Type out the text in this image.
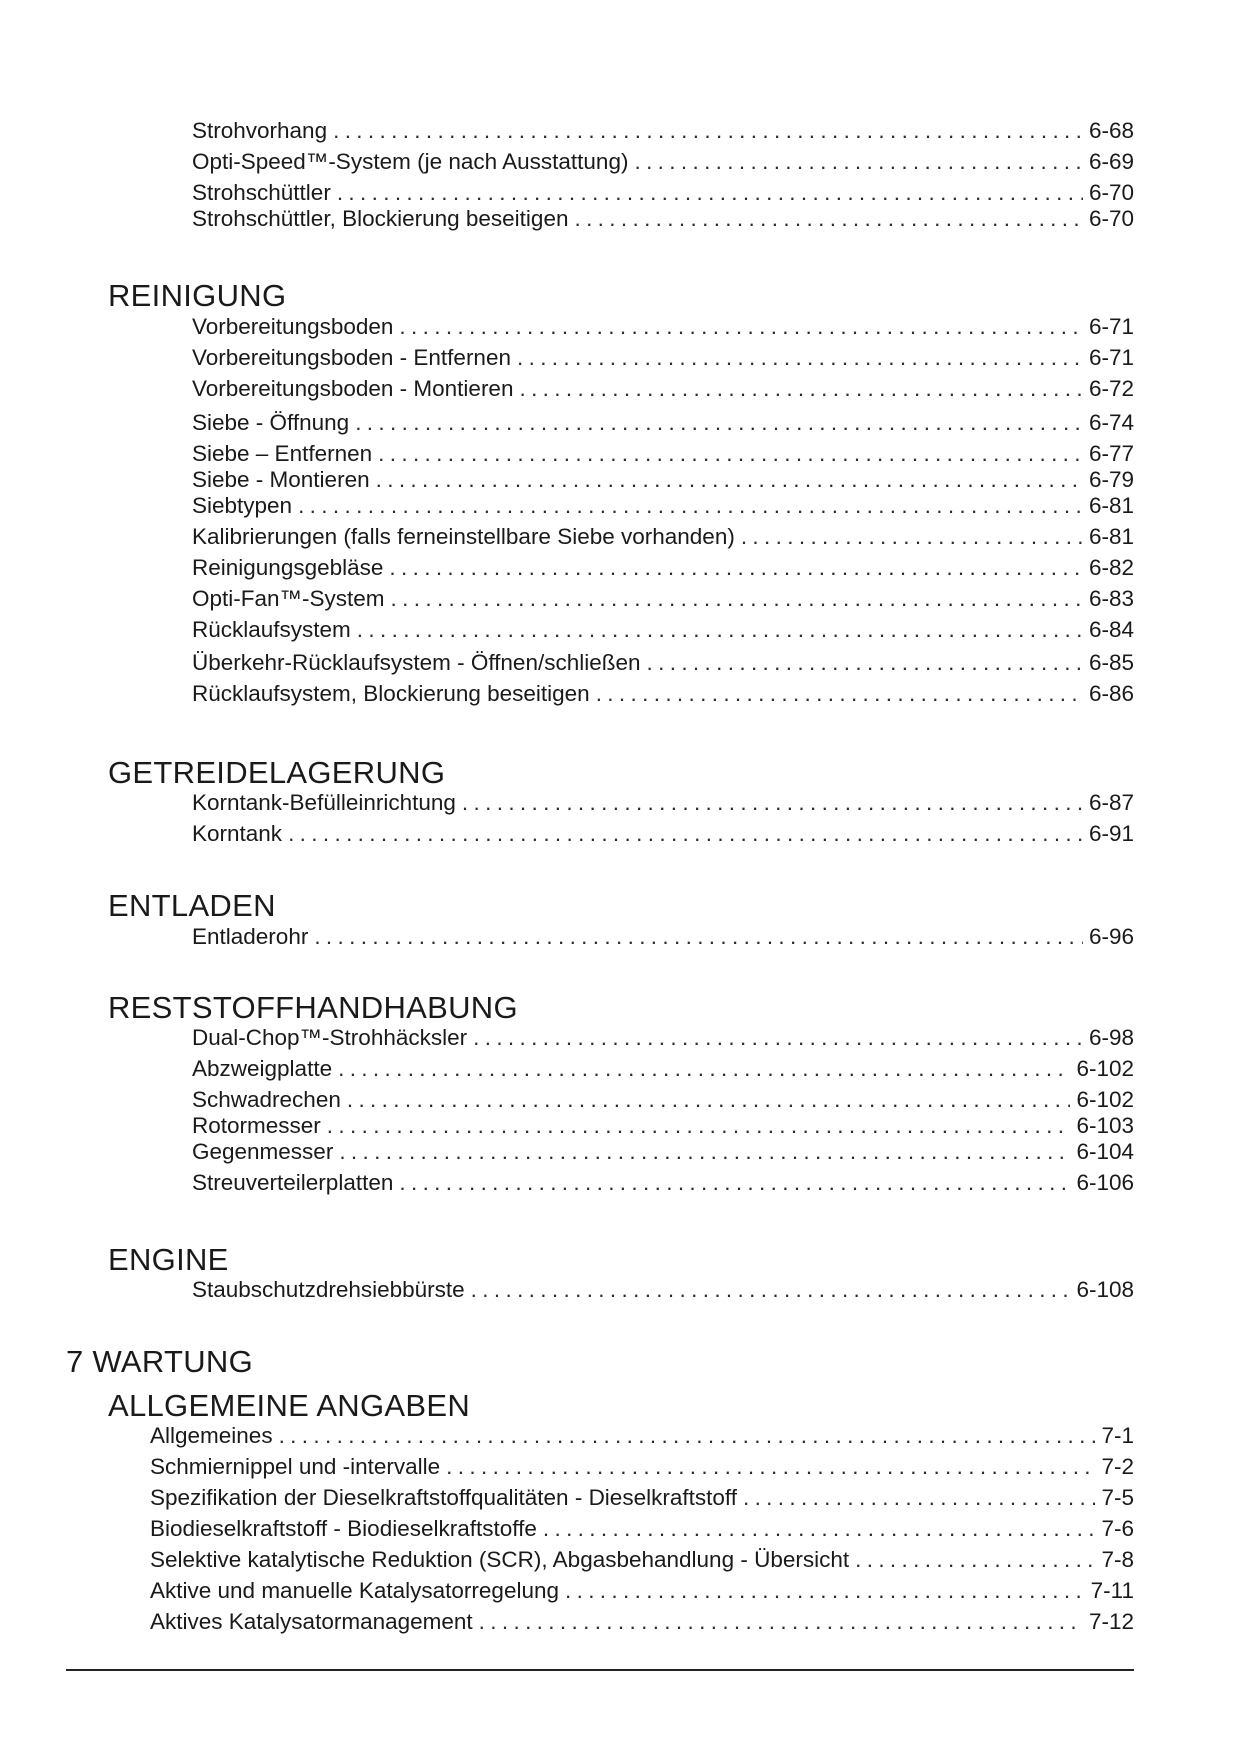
Strohvorhang . . .	6-68
Opti-Speed™-System (je nach Ausstattung) . . .	6-69
Strohschüttler . . .	6-70
Strohschüttler, Blockierung beseitigen . . .	6-70
REINIGUNG
Vorbereitungsboden . . .	6-71
Vorbereitungsboden - Entfernen . . .	6-71
Vorbereitungsboden - Montieren . . .	6-72
Siebe - Öffnung . . .	6-74
Siebe – Entfernen . . .	6-77
Siebe - Montieren . . .	6-79
Siebtypen . . .	6-81
Kalibrierungen (falls ferneinstellbare Siebe vorhanden) . . .	6-81
Reinigungsgebläse . . .	6-82
Opti-Fan™-System . . .	6-83
Rücklaufsystem . . .	6-84
Überkehr-Rücklaufsystem - Öffnen/schließen . . .	6-85
Rücklaufsystem, Blockierung beseitigen . . .	6-86
GETREIDELAGERUNG
Korntank-Befülleinrichtung . . .	6-87
Korntank . . .	6-91
ENTLADEN
Entladerohr . . .	6-96
RESTSTOFFHANDHABUNG
Dual-Chop™-Strohhäcksler . . .	6-98
Abzweigplatte . . .	6-102
Schwadrechen . . .	6-102
Rotormesser . . .	6-103
Gegenmesser . . .	6-104
Streuverteilerplatten . . .	6-106
ENGINE
Staubschutzdrehsiebbürste . . .	6-108
7 WARTUNG
ALLGEMEINE ANGABEN
Allgemeines . . .	7-1
Schmiernippel und -intervalle . . .	7-2
Spezifikation der Dieselkraftstoffqualitäten - Dieselkraftstoff . . .	7-5
Biodieselkraftstoff - Biodieselkraftstoffe . . .	7-6
Selektive katalytische Reduktion (SCR), Abgasbehandlung - Übersicht . . .	7-8
Aktive und manuelle Katalysatorregelung . . .	7-11
Aktives Katalysatormanagement . . .	7-12
